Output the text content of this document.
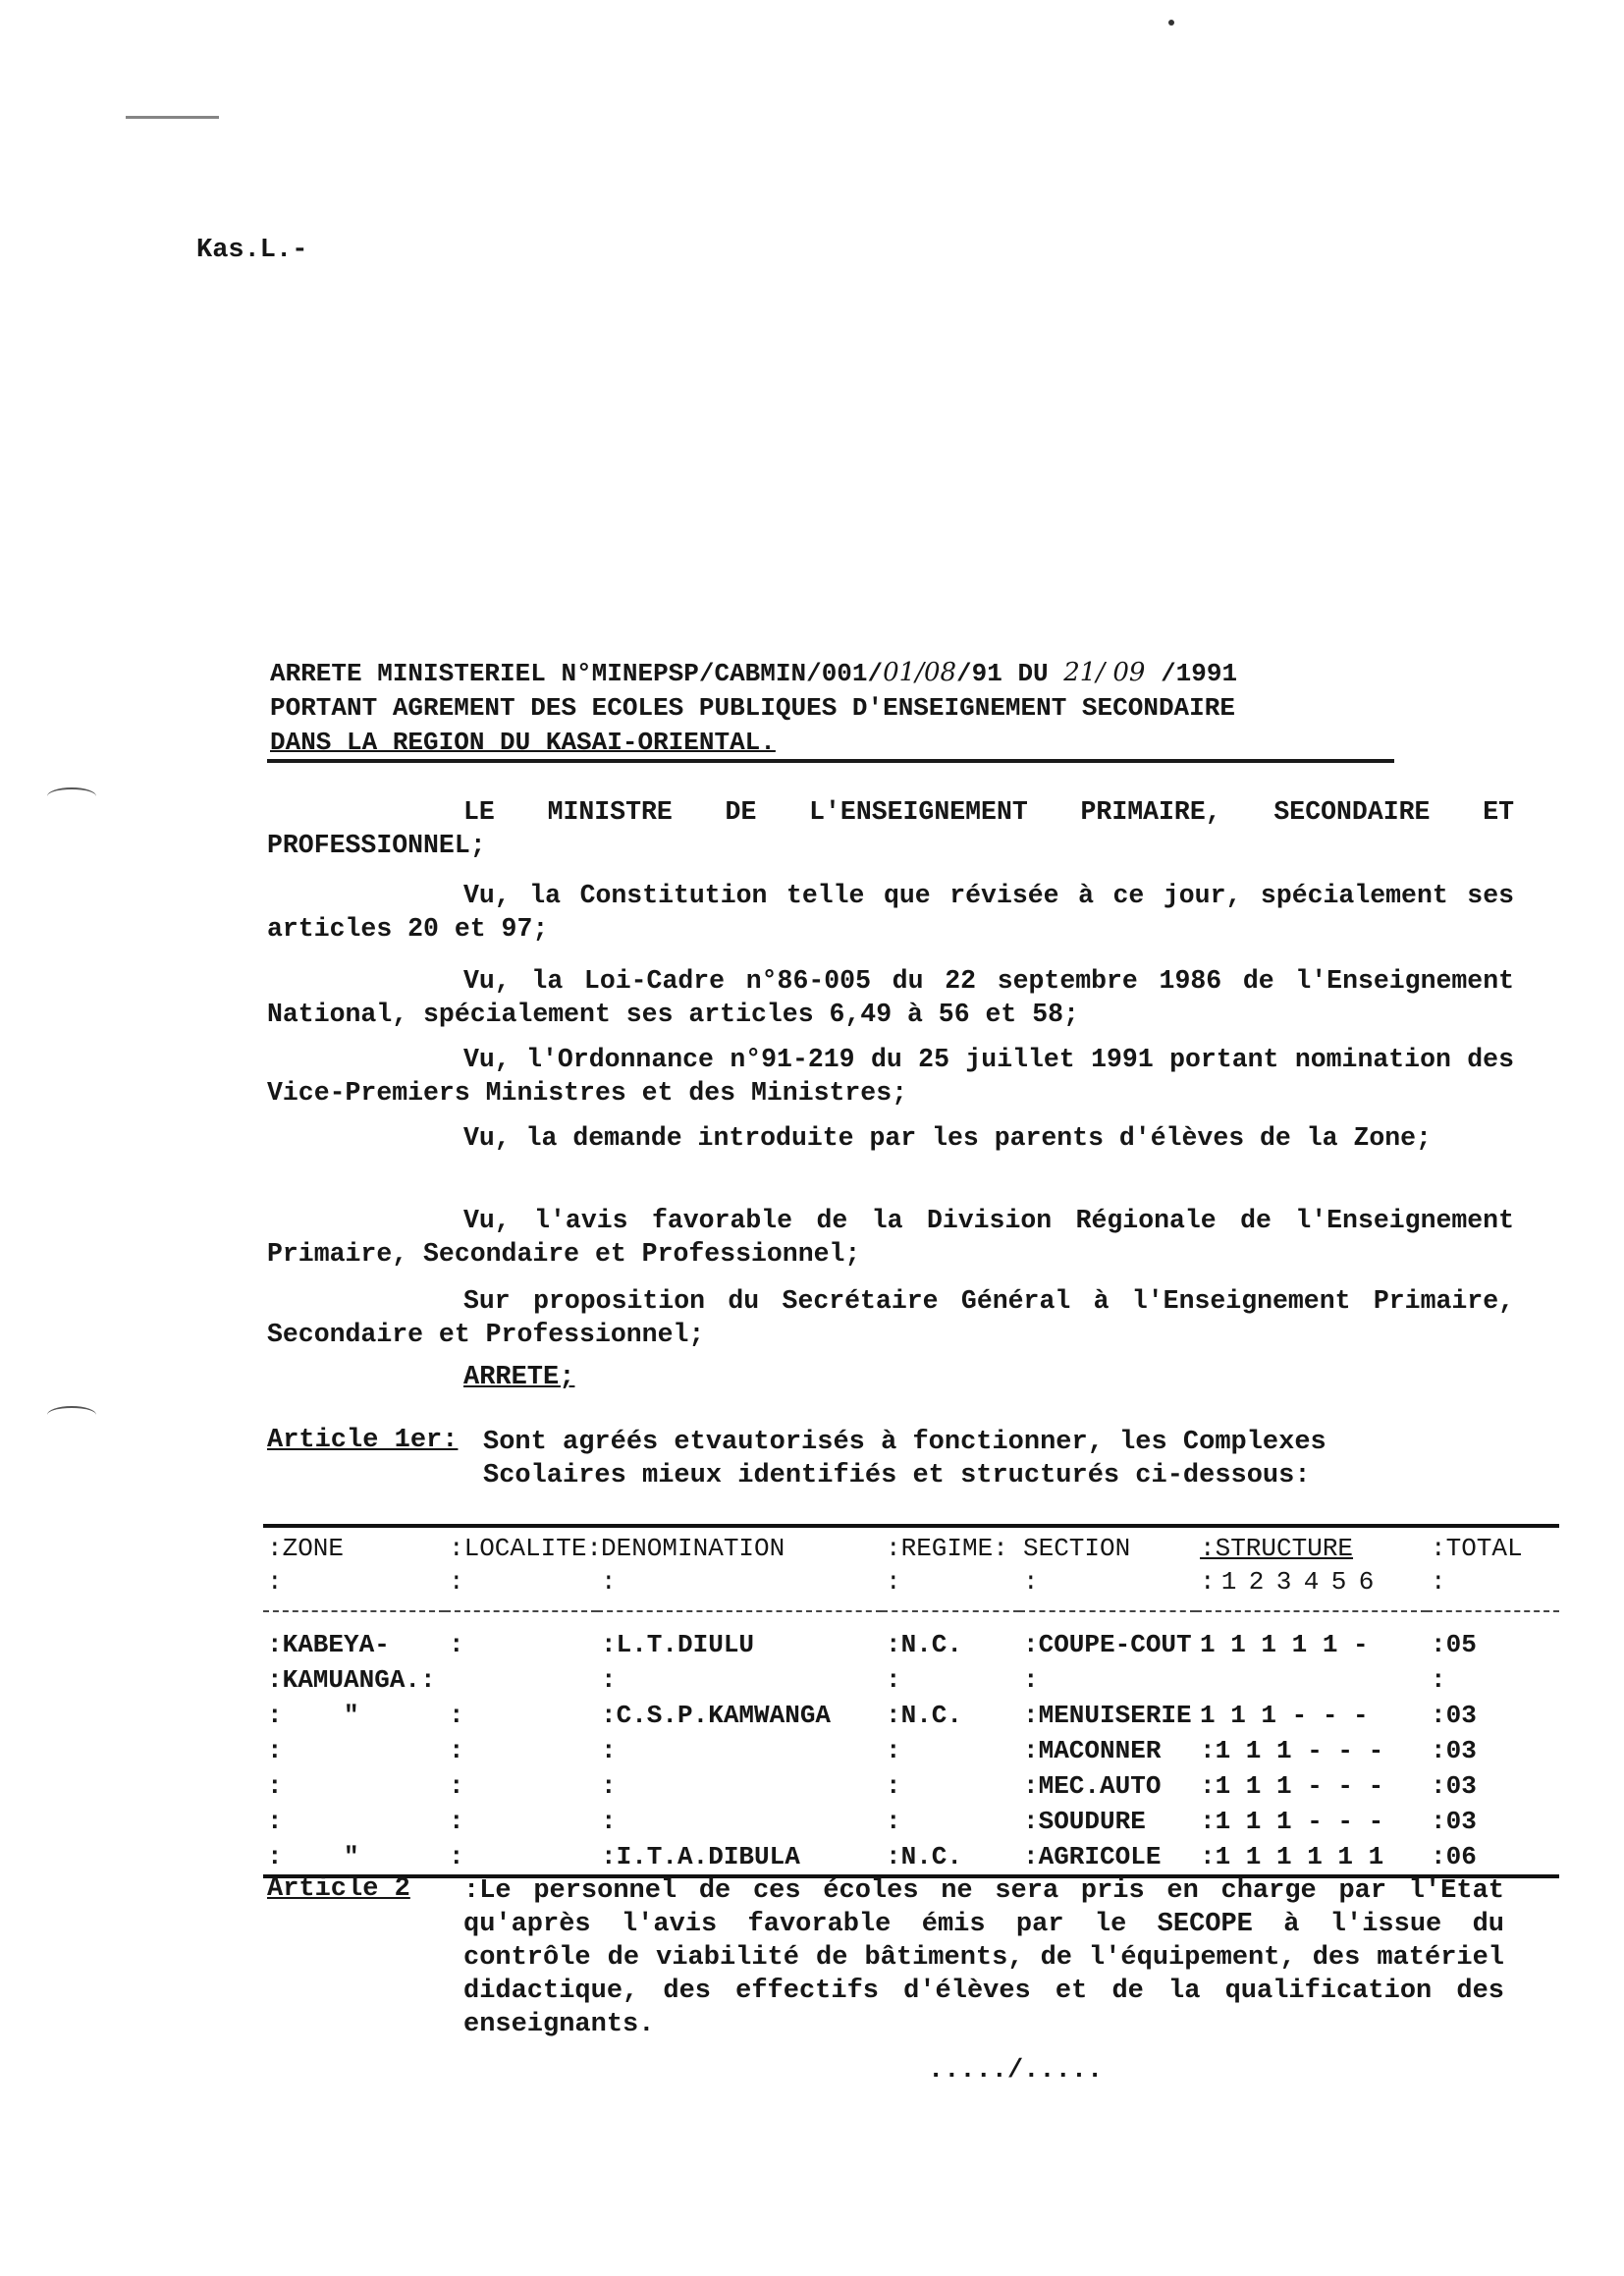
Kas.L.-
ARRETE MINISTERIEL N°MINEPSP/CABMIN/001/01/08/91 DU 21/ 09 /1991
PORTANT AGREMENT DES ECOLES PUBLIQUES D'ENSEIGNEMENT SECONDAIRE
DANS LA REGION DU KASAI-ORIENTAL.
LE MINISTRE DE L'ENSEIGNEMENT PRIMAIRE, SECONDAIRE ET PROFESSIONNEL;
Vu, la Constitution telle que révisée à ce jour, spécialement ses articles 20 et 97;
Vu, la Loi-Cadre n°86-005 du 22 septembre 1986 de l'Enseignement National, spécialement ses articles 6,49 à 56 et 58;
Vu, l'Ordonnance n°91-219 du 25 juillet 1991 portant nomination des Vice-Premiers Ministres et des Ministres;
Vu, la demande introduite par les parents d'élèves de la Zone;
Vu, l'avis favorable de la Division Régionale de l'Enseignement Primaire, Secondaire et Professionnel;
Sur proposition du Secrétaire Général à l'Enseignement Primaire, Secondaire et Professionnel;
ARRETE;
Article 1er: Sont agréés etvautorisés à fonctionner, les Complexes
Scolaires mieux identifiés et structurés ci-dessous:
:ZONE	:LOCALITE:	DENOMINATION	:REGIME:	SECTION	:STRUCTURE	:TOTAL
:	:	:	:	:	: 1 2 3 4 5 6	:
:KABEYA-	:	:L.T.DIULU	:N.C.	:COUPE-COUT	1 1 1 1 1 -	:05
:KAMUANGA.:		:	:	:		:
:    "	:	:C.S.P.KAMWANGA	:N.C.	:MENUISERIE	1 1 1 - - -	:03
:	:	:	:	:MACONNER	:1 1 1 - - -	:03
:	:	:	:	:MEC.AUTO	:1 1 1 - - -	:03
:	:	:	:	:SOUDURE	:1 1 1 - - -	:03
:    "	:	:I.T.A.DIBULA	:N.C.	:AGRICOLE	:1 1 1 1 1 1	:06
Article 2 :Le personnel de ces écoles ne sera pris en charge par l'Etat qu'après l'avis favorable émis par le SECOPE à l'issue du contrôle de viabilité de bâtiments, de l'équipement, des matériel didactique, des effectifs d'élèves et de la qualification des enseignants.
...../.....
